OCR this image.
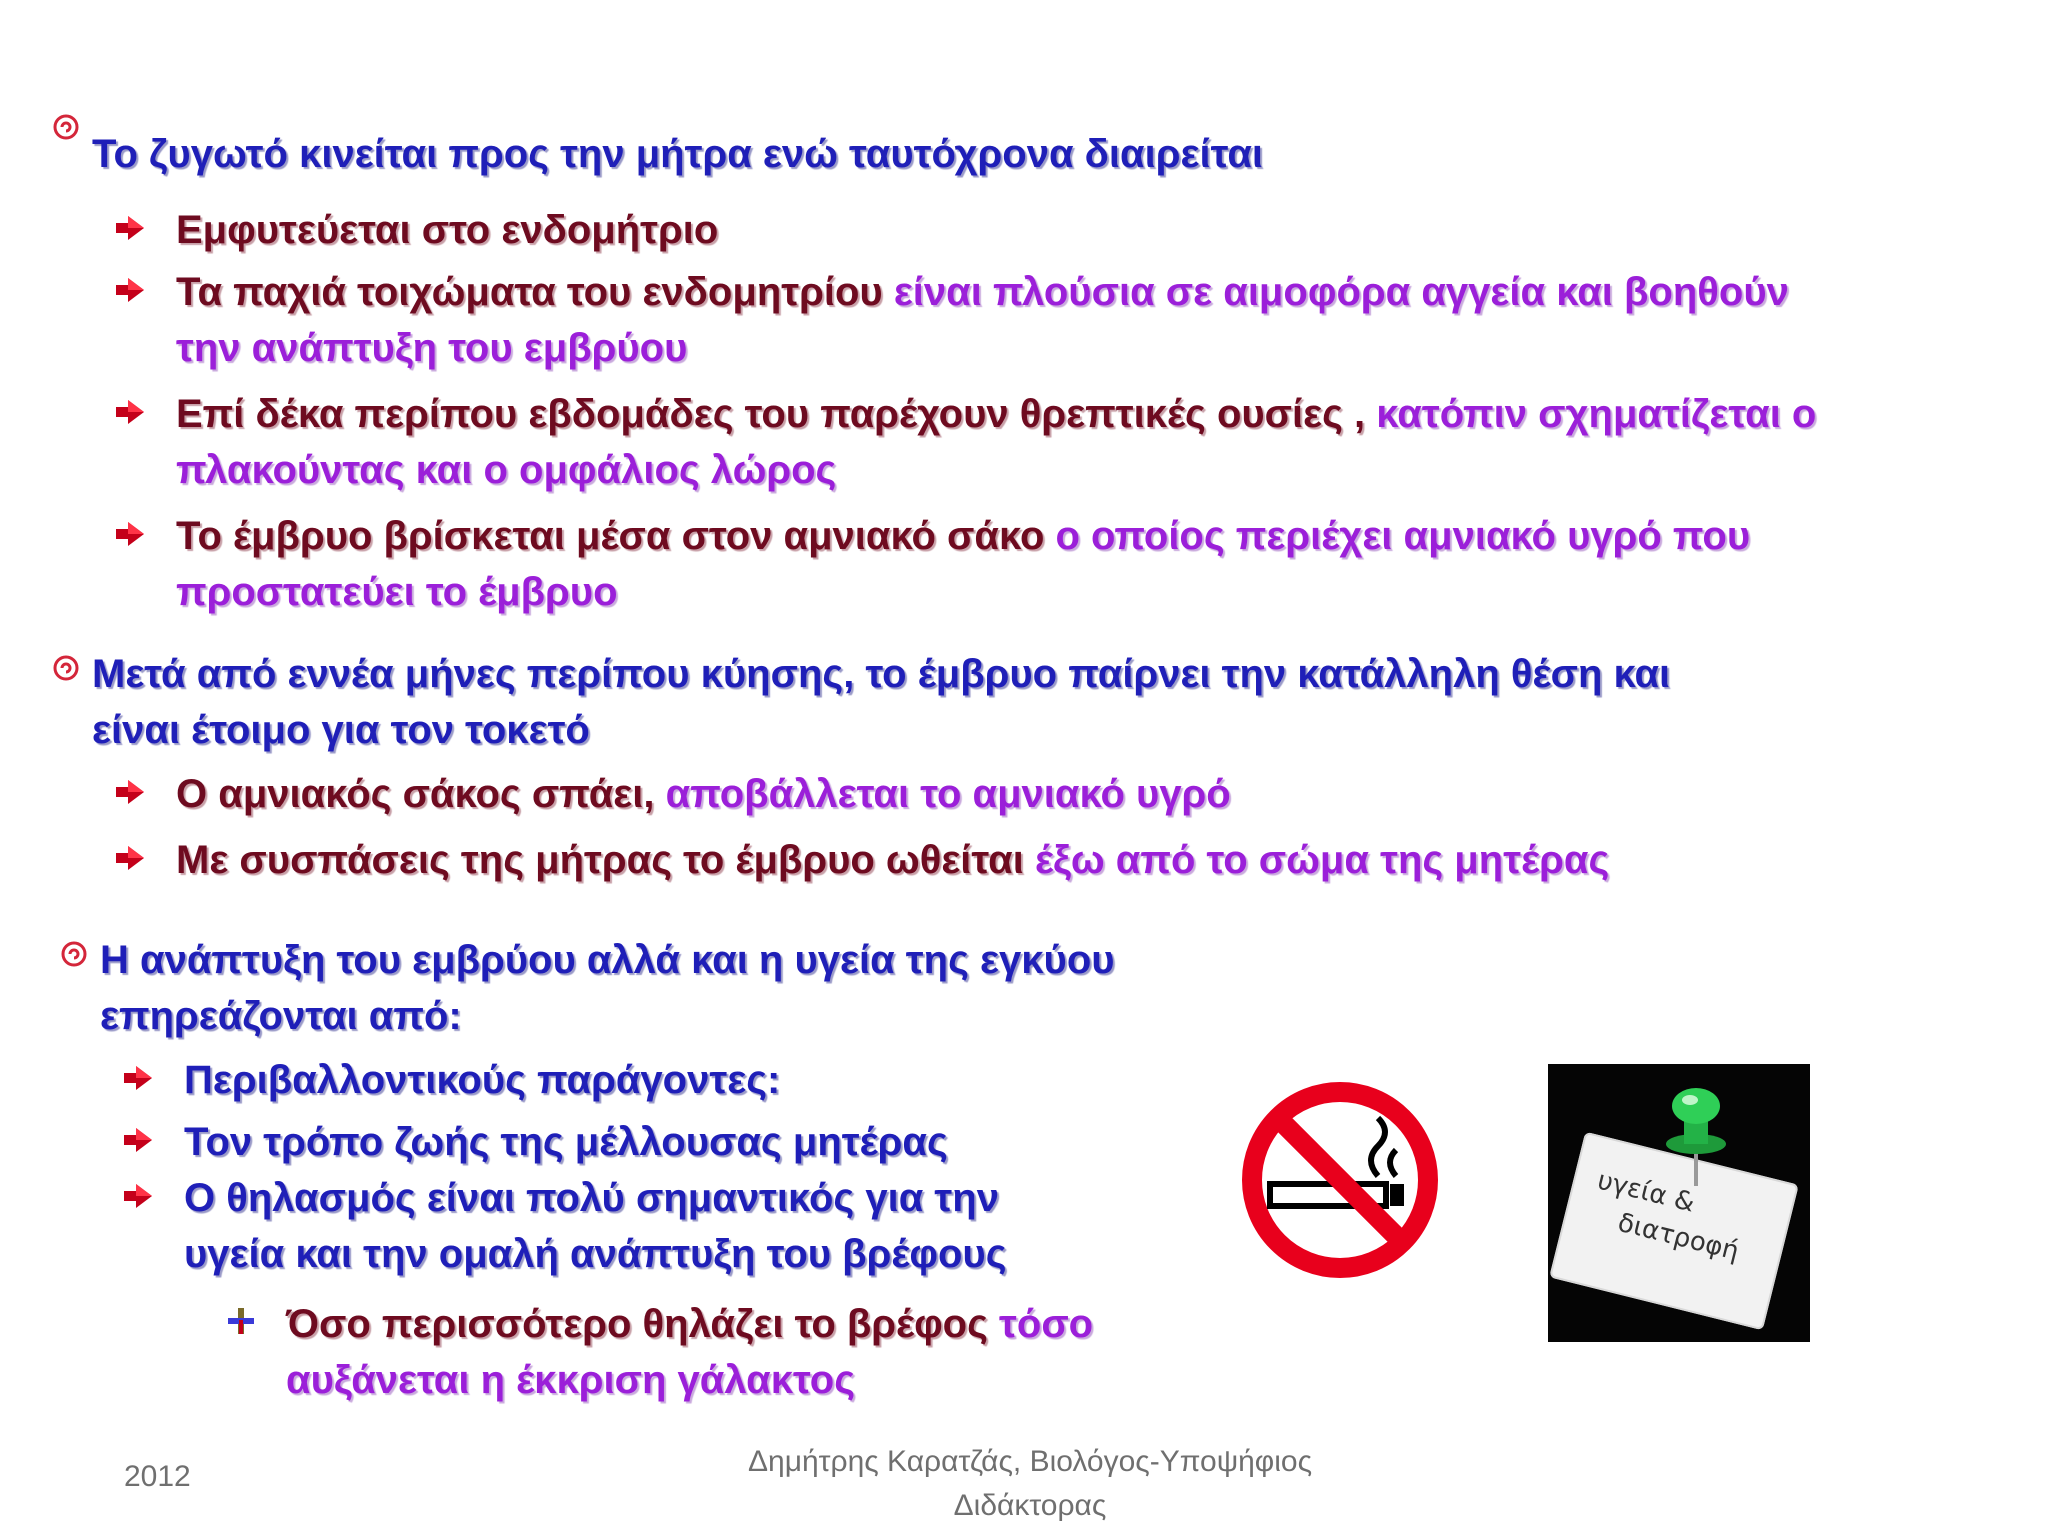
Το ζυγωτό κινείται προς την μήτρα ενώ ταυτόχρονα διαιρείται
Εμφυτεύεται στο ενδομήτριο
Τα παχιά τοιχώματα του ενδομητρίου είναι πλούσια σε αιμοφόρα αγγεία και βοηθούν
την ανάπτυξη του εμβρύου
Επί δέκα περίπου εβδομάδες του παρέχουν θρεπτικές ουσίες , κατόπιν σχηματίζεται ο
πλακούντας και ο ομφάλιος λώρος
Το έμβρυο βρίσκεται μέσα στον αμνιακό σάκο ο οποίος περιέχει αμνιακό υγρό που
προστατεύει το έμβρυο
Μετά από εννέα μήνες περίπου κύησης, το έμβρυο παίρνει την κατάλληλη θέση και
είναι έτοιμο για τον τοκετό
Ο αμνιακός σάκος σπάει, αποβάλλεται το αμνιακό υγρό
Με συσπάσεις της μήτρας το έμβρυο ωθείται έξω από το σώμα της μητέρας
Η ανάπτυξη του εμβρύου αλλά και η υγεία της εγκύου
επηρεάζονται από:
Περιβαλλοντικούς παράγοντες:
Τον τρόπο ζωής της μέλλουσας μητέρας
Ο θηλασμός είναι πολύ σημαντικός για την
υγεία και την ομαλή ανάπτυξη του βρέφους
Όσο περισσότερο θηλάζει το βρέφος τόσο
αυξάνεται η έκκριση γάλακτος
υγεία &
διατροφή
2012	Δημήτρης Καρατζάς, Βιολόγος-Υποψήφιος
Διδάκτορας
